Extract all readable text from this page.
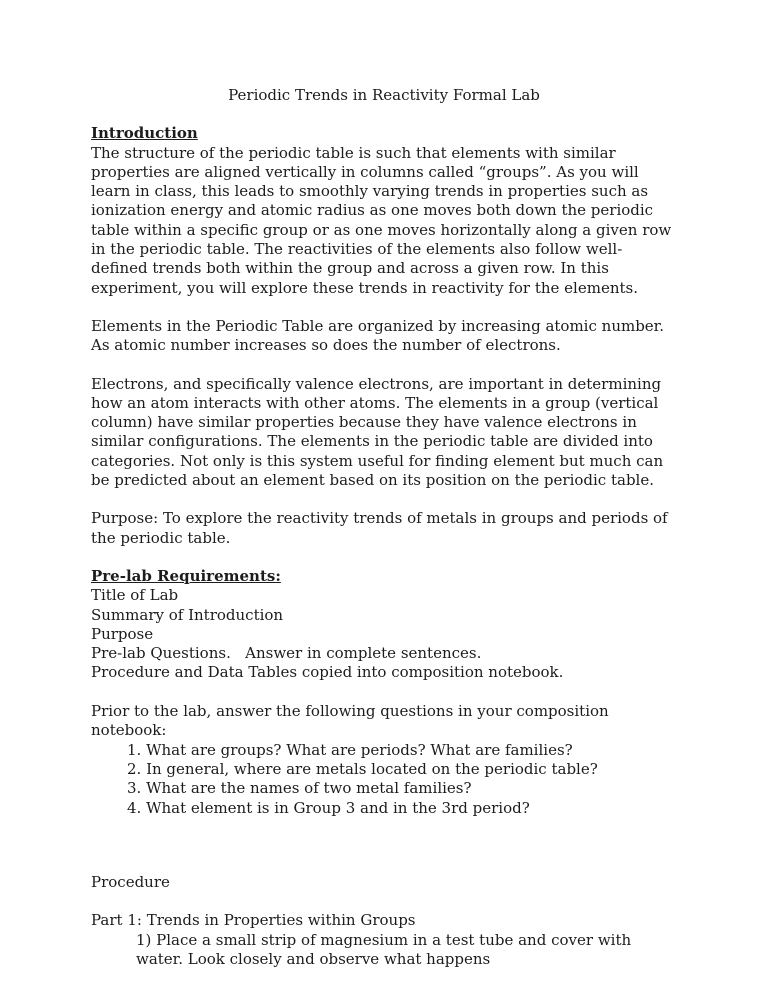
Periodic Trends in Reactivity Formal Lab

Introduction

The structure of the periodic table is such that elements with similar properties are aligned vertically in columns called “groups”. As you will learn in class, this leads to smoothly varying trends in properties such as ionization energy and atomic radius as one moves both down the periodic table within a specific group or as one moves horizontally along a given row in the periodic table. The reactivities of the elements also follow well-defined trends both within the group and across a given row. In this experiment, you will explore these trends in reactivity for the elements.

Elements in the Periodic Table are organized by increasing atomic number. As atomic number increases so does the number of electrons.

Electrons, and specifically valence electrons, are important in determining how an atom interacts with other atoms. The elements in a group (vertical column) have similar properties because they have valence electrons in similar configurations. The elements in the periodic table are divided into categories. Not only is this system useful for finding element but much can be predicted about an element based on its position on the periodic table.

Purpose: To explore the reactivity trends of metals in groups and periods of the periodic table.

Pre-lab Requirements:

Title of Lab
Summary of Introduction
Purpose
Pre-lab Questions.   Answer in complete sentences.
Procedure and Data Tables copied into composition notebook.
Prior to the lab, answer the following questions in your composition notebook:
1. What are groups? What are periods? What are families?
2. In general, where are metals located on the periodic table?
3. What are the names of two metal families?
4. What element is in Group 3 and in the 3rd period?
Procedure
Part 1: Trends in Properties within Groups
1) Place a small strip of magnesium in a test tube and cover with water. Look closely and observe what happens
